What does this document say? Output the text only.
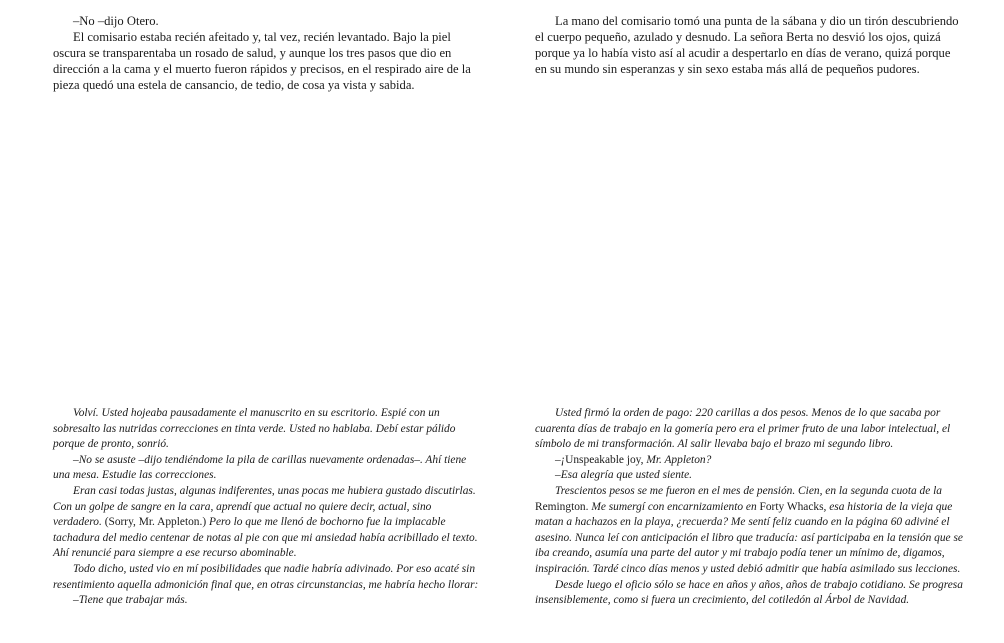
–No –dijo Otero.

El comisario estaba recién afeitado y, tal vez, recién levantado. Bajo la piel oscura se transparentaba un rosado de salud, y aunque los tres pasos que dio en dirección a la cama y el muerto fueron rápidos y precisos, en el respirado aire de la pieza quedó una estela de cansancio, de tedio, de cosa ya vista y sabida.

La mano del comisario tomó una punta de la sábana y dio un tirón descubriendo el cuerpo pequeño, azulado y desnudo. La señora Berta no desvió los ojos, quizá porque ya lo había visto así al acudir a despertarlo en días de verano, quizá porque en su mundo sin esperanzas y sin sexo estaba más allá de pequeños pudores.

Volví. Usted hojeaba pausadamente el manuscrito en su escritorio. Espié con un sobresalto las nutridas correcciones en tinta verde. Usted no hablaba. Debí estar pálido porque de pronto, sonrió.

–No se asuste –dijo tendiéndome la pila de carillas nuevamente ordenadas–. Ahí tiene una mesa. Estudie las correcciones.

Eran casi todas justas, algunas indiferentes, unas pocas me hubiera gustado discutirlas. Con un golpe de sangre en la cara, aprendí que actual no quiere decir, actual, sino verdadero. (Sorry, Mr. Appleton.) Pero lo que me llenó de bochorno fue la implacable tachadura del medio centenar de notas al pie con que mi ansiedad había acribillado el texto. Ahí renuncié para siempre a ese recurso abominable.

Todo dicho, usted vio en mí posibilidades que nadie habría adivinado. Por eso acaté sin resentimiento aquella admonición final que, en otras circunstancias, me habría hecho llorar:

–Tiene que trabajar más.

Usted firmó la orden de pago: 220 carillas a dos pesos. Menos de lo que sacaba por cuarenta días de trabajo en la gomería pero era el primer fruto de una labor intelectual, el símbolo de mi transformación. Al salir llevaba bajo el brazo mi segundo libro.

–¡Unspeakable joy, Mr. Appleton?

–Esa alegría que usted siente.

Trescientos pesos se me fueron en el mes de pensión. Cien, en la segunda cuota de la Remington. Me sumergí con encarnizamiento en Forty Whacks, esa historia de la vieja que matan a hachazos en la playa, ¿recuerda? Me sentí feliz cuando en la página 60 adiviné el asesino. Nunca leí con anticipación el libro que traducía: así participaba en la tensión que se iba creando, asumía una parte del autor y mi trabajo podía tener un mínimo de, digamos, inspiración. Tardé cinco días menos y usted debió admitir que había asimilado sus lecciones.

Desde luego el oficio sólo se hace en años y años, años de trabajo cotidiano. Se progresa insensiblemente, como si fuera un crecimiento, del cotiledón al Árbol de Navidad.
